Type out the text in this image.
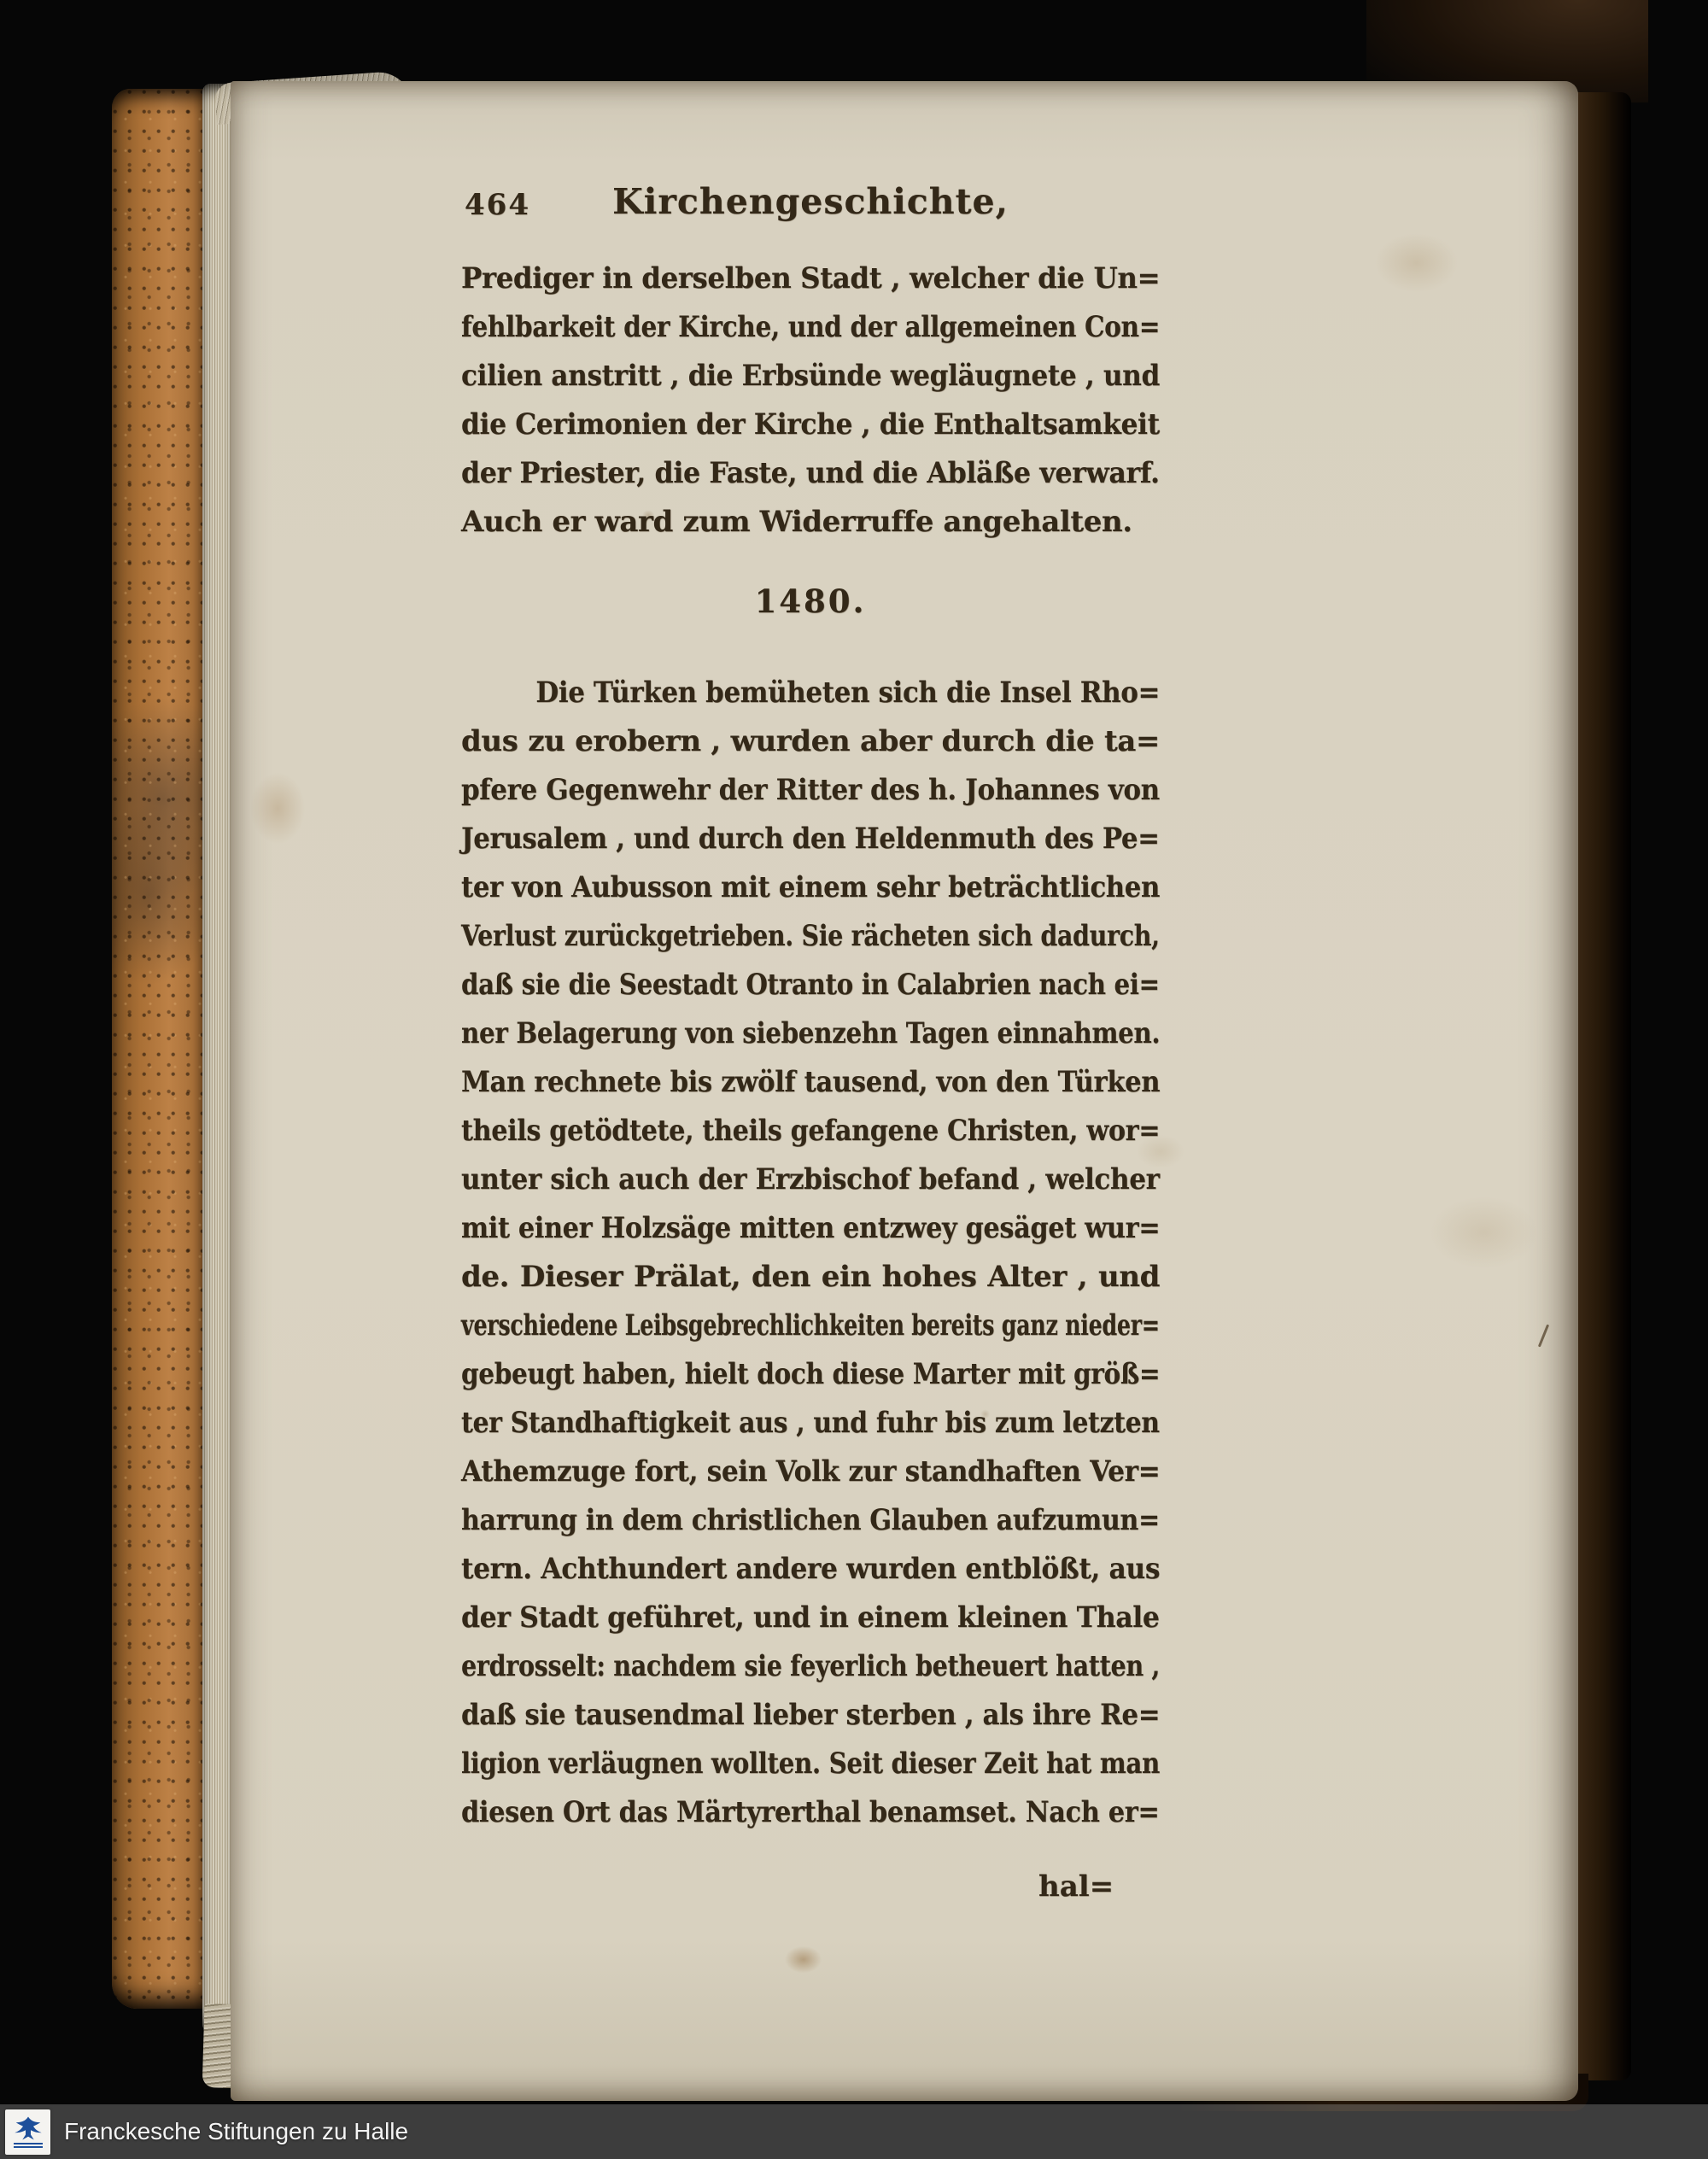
464	Kirchengeschichte,
Prediger in derselben Stadt , welcher die Un=
fehlbarkeit der Kirche, und der allgemeinen Con=
cilien anstritt , die Erbsünde wegläugnete , und
die Cerimonien der Kirche , die Enthaltsamkeit
der Priester, die Faste, und die Abläße verwarf.
Auch er ward zum Widerruffe angehalten.
1480.
Die Türken bemüheten sich die Insel Rho=
dus zu erobern , wurden aber durch die ta=
pfere Gegenwehr der Ritter des h. Johannes von
Jerusalem , und durch den Heldenmuth des Pe=
ter von Aubusson mit einem sehr beträchtlichen
Verlust zurückgetrieben. Sie rächeten sich dadurch,
daß sie die Seestadt Otranto in Calabrien nach ei=
ner Belagerung von siebenzehn Tagen einnahmen.
Man rechnete bis zwölf tausend, von den Türken
theils getödtete, theils gefangene Christen, wor=
unter sich auch der Erzbischof befand , welcher
mit einer Holzsäge mitten entzwey gesäget wur=
de. Dieser Prälat, den ein hohes Alter , und
verschiedene Leibsgebrechlichkeiten bereits ganz nieder=
gebeugt haben, hielt doch diese Marter mit größ=
ter Standhaftigkeit aus , und fuhr bis zum letzten
Athemzuge fort, sein Volk zur standhaften Ver=
harrung in dem christlichen Glauben aufzumun=
tern. Achthundert andere wurden entblößt, aus
der Stadt geführet, und in einem kleinen Thale
erdrosselt: nachdem sie feyerlich betheuert hatten ,
daß sie tausendmal lieber sterben , als ihre Re=
ligion verläugnen wollten. Seit dieser Zeit hat man
diesen Ort das Märtyrerthal benamset. Nach er=
hal=
Franckesche Stiftungen zu Halle
